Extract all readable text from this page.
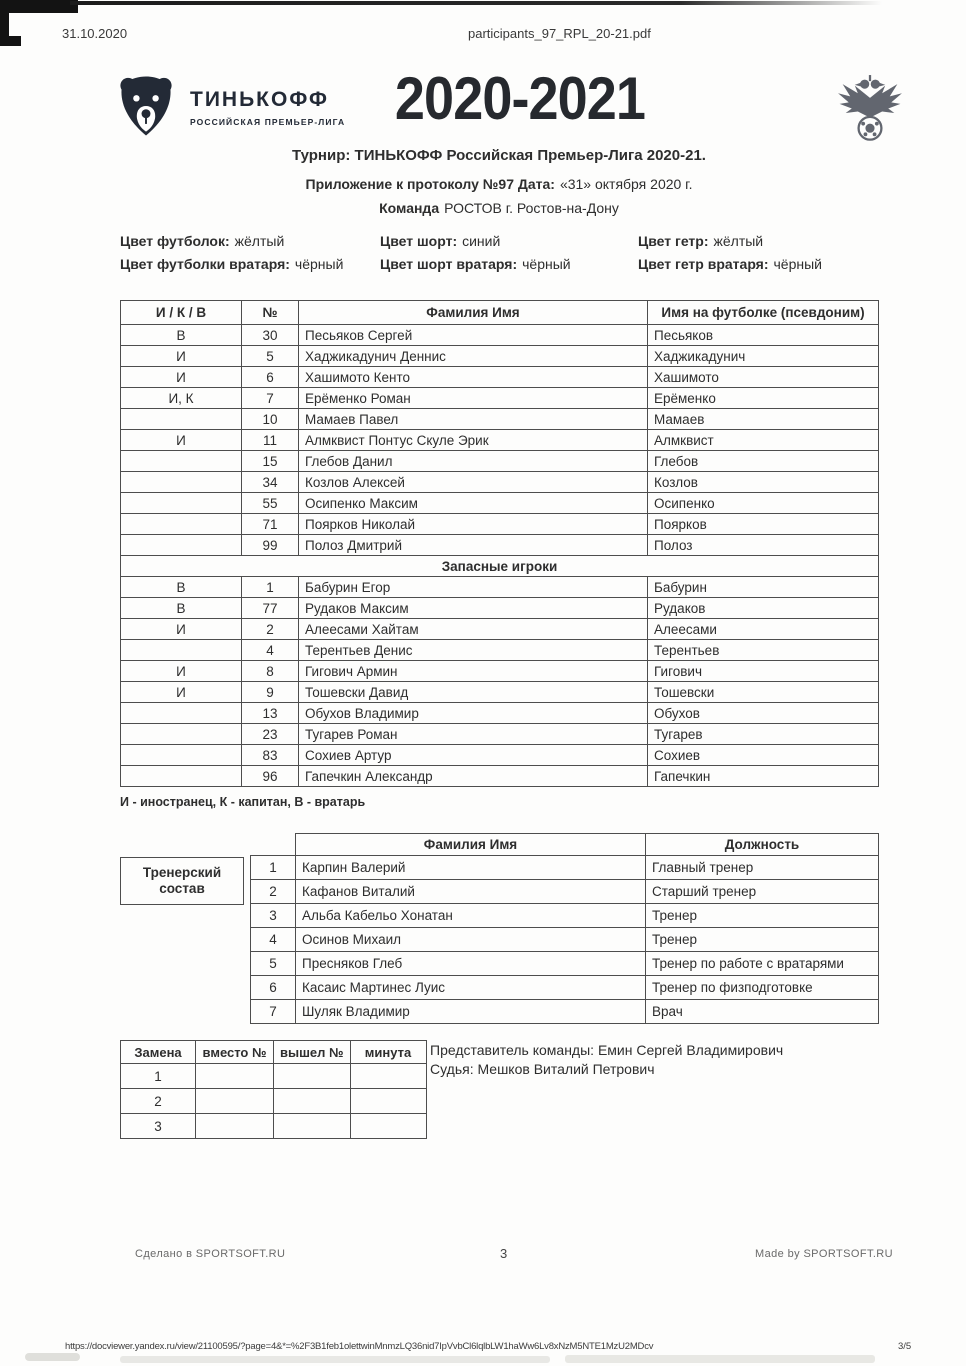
31.10.2020	participants_97_RPL_20-21.pdf
ТИНЬКОФФ
РОССИЙСКАЯ ПРЕМЬЕР-ЛИГА 2020-2021
Турнир: ТИНЬКОФФ Российская Премьер-Лига 2020-21.
Приложение к протоколу №97 Дата: «31» октября 2020 г.
Команда РОСТОВ г. Ростов-на-Дону
Цвет футболок: жёлтый	Цвет шорт: синий	Цвет гетр: жёлтый
Цвет футболки вратаря: чёрный	Цвет шорт вратаря: чёрный	Цвет гетр вратаря: чёрный
И / К / В	№	Фамилия Имя	Имя на футболке (псевдоним)
В	30	Песьяков Сергей	Песьяков
И	5	Хаджикадунич Деннис	Хаджикадунич
И	6	Хашимото Кенто	Хашимото
И, К	7	Ерёменко Роман	Ерёменко
	10	Мамаев Павел	Мамаев
И	11	Алмквист Понтус Скуле Эрик	Алмквист
	15	Глебов Данил	Глебов
	34	Козлов Алексей	Козлов
	55	Осипенко Максим	Осипенко
	71	Поярков Николай	Поярков
	99	Полоз Дмитрий	Полоз
Запасные игроки			
В	1	Бабурин Егор	Бабурин
В	77	Рудаков Максим	Рудаков
И	2	Алеесами Хайтам	Алеесами
	4	Терентьев Денис	Терентьев
И	8	Гигович Армин	Гигович
И	9	Тошевски Давид	Тошевски
	13	Обухов Владимир	Обухов
	23	Тугарев Роман	Тугарев
	83	Сохиев Артур	Сохиев
	96	Гапечкин Александр	Гапечкин
И - иностранец, К - капитан, В - вратарь
Тренерский состав
	Фамилия Имя	Должность
1	Карпин Валерий	Главный тренер
2	Кафанов Виталий	Старший тренер
3	Альба Кабельо Хонатан	Тренер
4	Осинов Михаил	Тренер
5	Пресняков Глеб	Тренер по работе с вратарями
6	Касаис Мартинес Луис	Тренер по физподготовке
7	Шуляк Владимир	Врач
Замена	вместо №	вышел №	минута
1			
2			
3			
Представитель команды: Емин Сергей Владимирович
Судья: Мешков Виталий Петрович
Сделано в SPORTSOFT.RU	3	Made by SPORTSOFT.RU
https://docviewer.yandex.ru/view/21100595/?page=4&*=%2F3B1feb1olettwinMnmzLQ36nid7IpVvbCl6lqlbLW1haWw6Lv8xNzM5NTE1MzU2MDcv	3/5
